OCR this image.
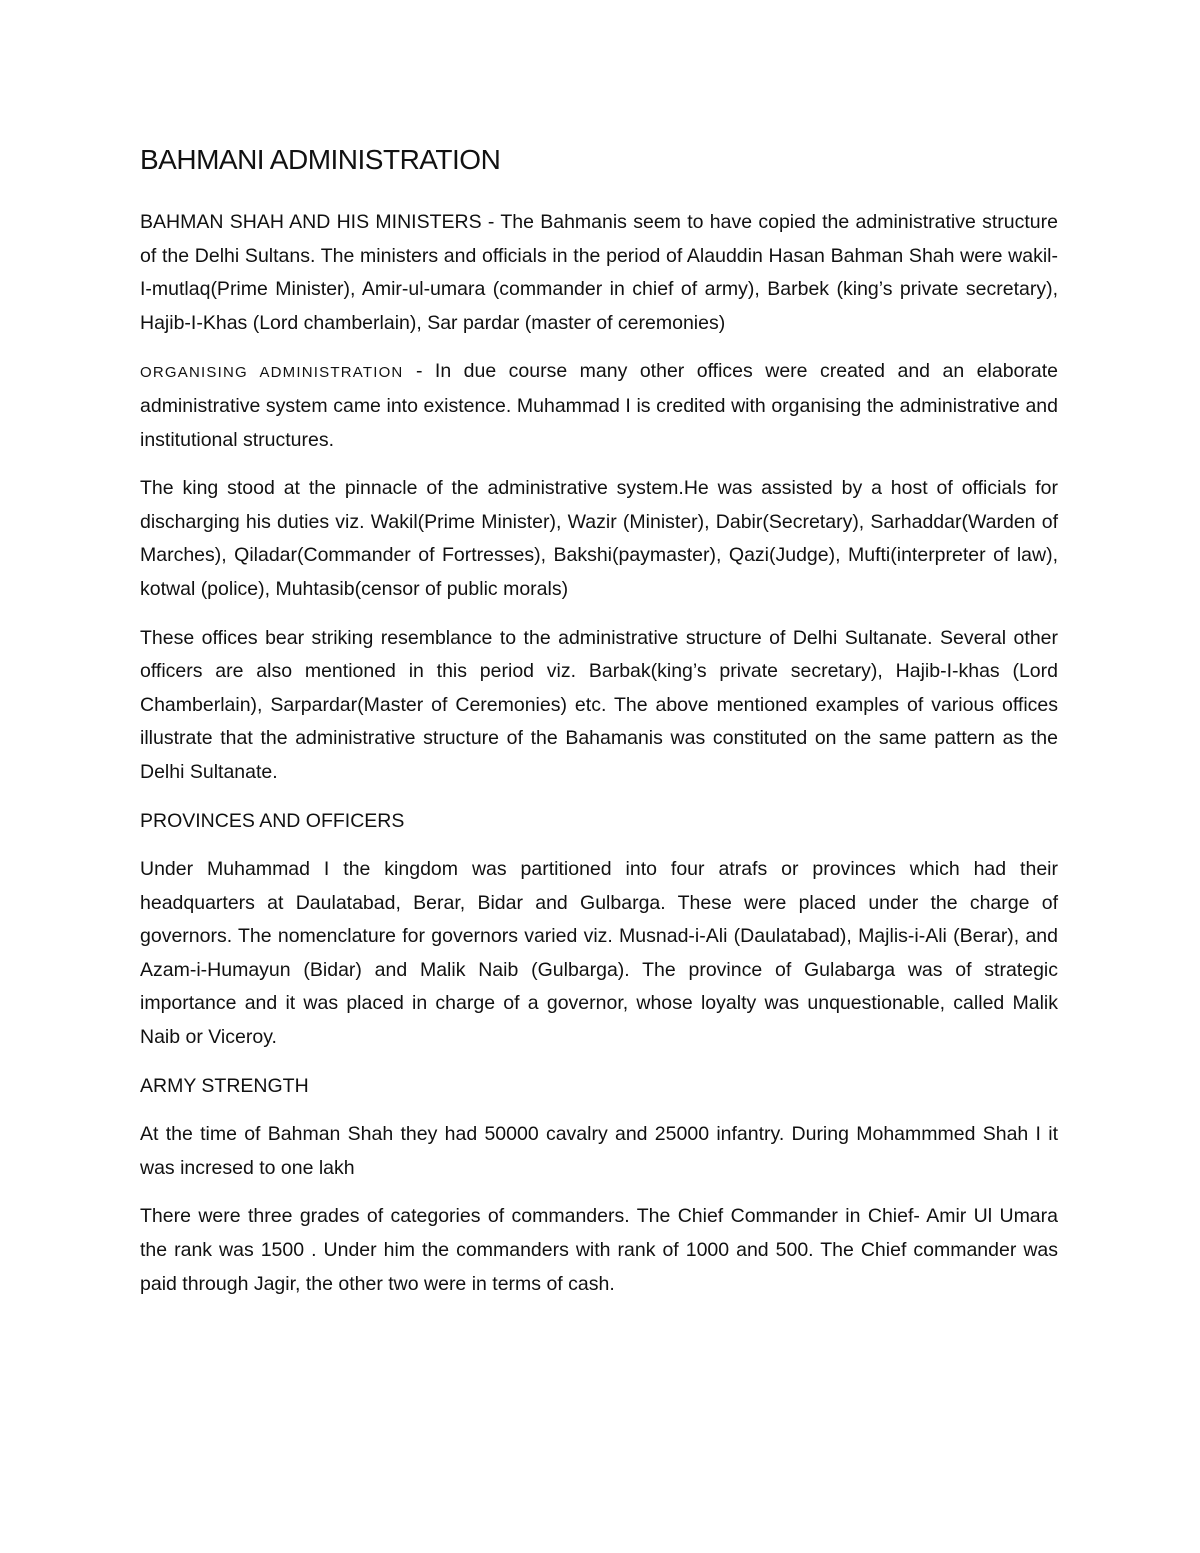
BAHMANI ADMINISTRATION

BAHMAN SHAH AND HIS MINISTERS - The Bahmanis seem to have copied the administrative structure of the Delhi Sultans. The ministers and officials in the period of Alauddin Hasan Bahman Shah were wakil-I-mutlaq(Prime Minister), Amir-ul-umara (commander in chief of army), Barbek (king’s private secretary), Hajib-I-Khas (Lord chamberlain), Sar pardar (master of ceremonies)

ORGANISING ADMINISTRATION - In due course many other offices were created and an elaborate administrative system came into existence. Muhammad I is credited with organising the administrative and institutional structures.

The king stood at the pinnacle of the administrative system.He was assisted by a host of officials for discharging his duties viz. Wakil(Prime Minister), Wazir (Minister), Dabir(Secretary), Sarhaddar(Warden of Marches), Qiladar(Commander of Fortresses), Bakshi(paymaster), Qazi(Judge), Mufti(interpreter of law), kotwal (police), Muhtasib(censor of public morals)

These offices bear striking resemblance to the administrative structure of Delhi Sultanate. Several other officers are also mentioned in this period viz. Barbak(king’s private secretary), Hajib-I-khas (Lord Chamberlain), Sarpardar(Master of Ceremonies) etc. The above mentioned examples of various offices illustrate that the administrative structure of the Bahamanis was constituted on the same pattern as the Delhi Sultanate.

PROVINCES AND OFFICERS

Under Muhammad I the kingdom was partitioned into four atrafs or provinces which had their headquarters at Daulatabad, Berar, Bidar and Gulbarga. These were placed under the charge of governors. The nomenclature for governors varied viz. Musnad-i-Ali (Daulatabad), Majlis-i-Ali (Berar), and Azam-i-Humayun (Bidar) and Malik Naib (Gulbarga). The province of Gulabarga was of strategic importance and it was placed in charge of a governor, whose loyalty was unquestionable, called Malik Naib or Viceroy.

ARMY STRENGTH

At the time of Bahman Shah they had 50000 cavalry and 25000 infantry. During Mohammmed Shah I it was incresed to one lakh

There were three grades of categories of commanders. The Chief Commander in Chief- Amir Ul Umara the rank was 1500 . Under him the commanders with rank of 1000 and 500. The Chief commander was paid through Jagir, the other two were in terms of cash.
